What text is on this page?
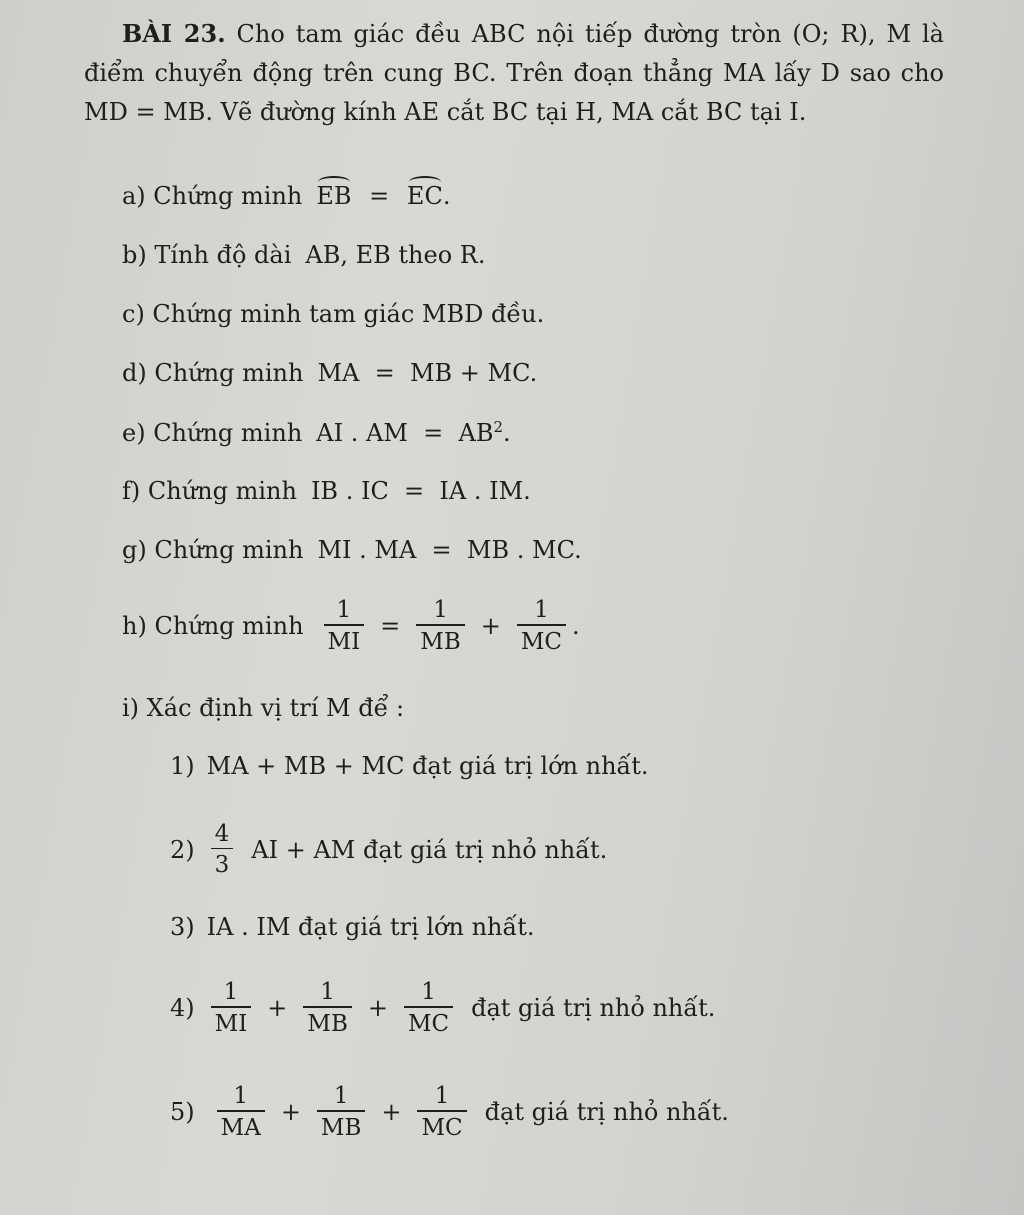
BÀI 23. Cho tam giác đều ABC nội tiếp đường tròn (O; R), M là điểm chuyển động trên cung BC. Trên đoạn thẳng MA lấy D sao cho MD = MB. Vẽ đường kính AE cắt BC tại H, MA cắt BC tại I.
a) Chứng minh EB = EC.
b) Tính độ dài AB, EB theo R.
c) Chứng minh tam giác MBD đều.
d) Chứng minh MA  =  MB + MC.
e) Chứng minh AI . AM  =  $AB^2$.
f) Chứng minh IB . IC  =  IA . IM.
g) Chứng minh MI . MA  =  MB . MC.
h) Chứng minh $\frac{1}{MI} = \frac{1}{MB} + \frac{1}{MC}$ .
i) Xác định vị trí M để :
1) MA + MB + MC đạt giá trị lớn nhất.
$2) \frac{4}{3}$ AI + AM đạt giá trị nhỏ nhất.
3) IA . IM đạt giá trị lớn nhất.
$4) \frac{1}{MI} + \frac{1}{MB} + \frac{1}{MC}$ đạt giá trị nhỏ nhất.
$5) \frac{1}{MA} + \frac{1}{MB} + \frac{1}{MC}$ đạt giá trị nhỏ nhất.
